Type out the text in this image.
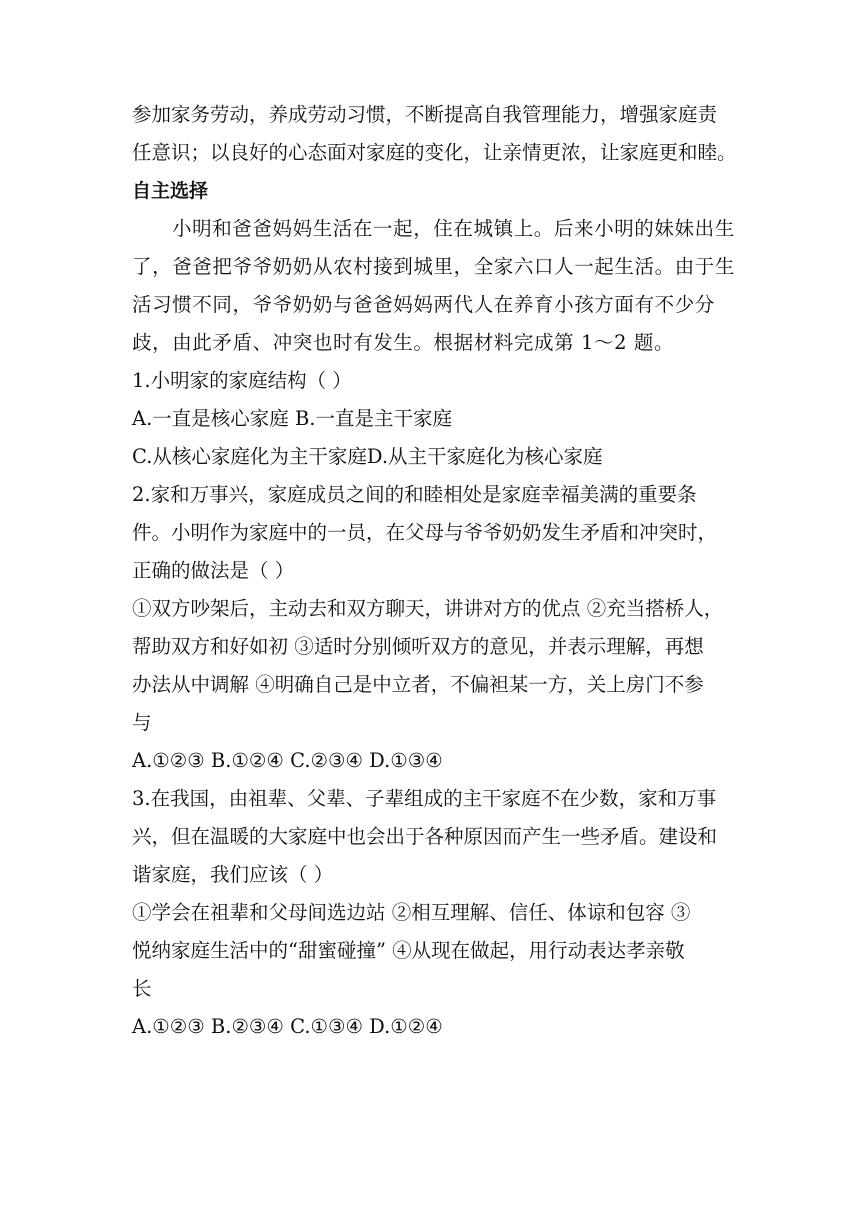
参加家务劳动，养成劳动习惯，不断提高自我管理能力，增强家庭责
任意识；以良好的心态面对家庭的变化，让亲情更浓，让家庭更和睦。
自主选择
小明和爸爸妈妈生活在一起，住在城镇上。后来小明的妹妹出生
了，爸爸把爷爷奶奶从农村接到城里，全家六口人一起生活。由于生
活习惯不同，爷爷奶奶与爸爸妈妈两代人在养育小孩方面有不少分
歧，由此矛盾、冲突也时有发生。根据材料完成第 1～2 题。
1.小明家的家庭结构（ ）
A.一直是核心家庭 B.一直是主干家庭
C.从核心家庭化为主干家庭D.从主干家庭化为核心家庭
2.家和万事兴，家庭成员之间的和睦相处是家庭幸福美满的重要条
件。小明作为家庭中的一员，在父母与爷爷奶奶发生矛盾和冲突时，
正确的做法是（ ）
①双方吵架后，主动去和双方聊天，讲讲对方的优点 ②充当搭桥人，
帮助双方和好如初 ③适时分别倾听双方的意见，并表示理解，再想
办法从中调解 ④明确自己是中立者，不偏袒某一方，关上房门不参
与
A.①②③ B.①②④ C.②③④ D.①③④
3.在我国，由祖辈、父辈、子辈组成的主干家庭不在少数，家和万事
兴，但在温暖的大家庭中也会出于各种原因而产生一些矛盾。建设和
谐家庭，我们应该（ ）
①学会在祖辈和父母间选边站 ②相互理解、信任、体谅和包容 ③
悦纳家庭生活中的“甜蜜碰撞” ④从现在做起，用行动表达孝亲敬
长
A.①②③ B.②③④ C.①③④ D.①②④
